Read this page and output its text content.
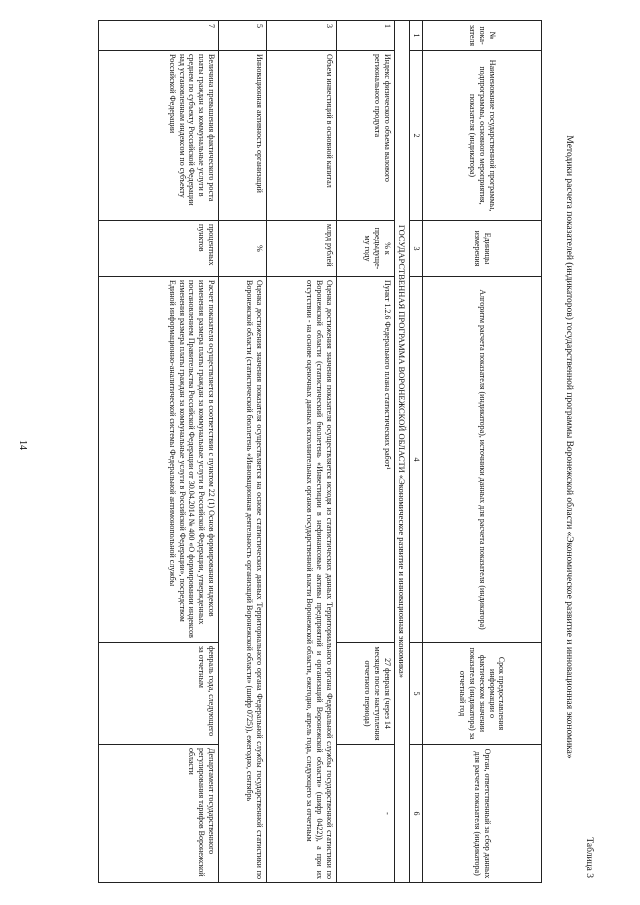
14
Таблица 3
Методики расчета показателей (индикаторов) государственной программы Воронежской области «Экономическое развитие и инновационная экономика»
№ пока-зателя	Наименование государственной программы, подпрограммы, основного мероприятия, показателя (индикатора)	Единицы измерения	Алгоритм расчета показателя (индикатора), источники данных для расчета показателя (индикатора)	Срок предоставления информации о фактическом значении показателя (индикатора) за отчетный год	Орган, ответственный за сбор данных для расчета показателя (индикатора)
1	2	3	4	5	6
ГОСУДАРСТВЕННАЯ ПРОГРАММА ВОРОНЕЖСКОЙ ОБЛАСТИ «Экономическое развитие и инновационная экономика»					
1	Индекс физического объема валового регионального продукта	% к предыдуще-му году	Пункт 1.2.6 Федерального плана статистических работ¹	27 февраля (через 14 месяцев после наступления отчетного периода)	-
3	Объем инвестиций в основной капитал	млрд рублей	Оценка достижения значения показателя осуществляется исходя из статистических данных Территориального органа Федеральной службы государственной статистики по Воронежской области (статистический бюллетень «Инвестиции в нефинансовые активы предприятий и организаций Воронежской области» (шифр 0422)), а при их отсутствии - на основе оценочных данных исполнительных органов государственной власти Воронежской области, ежегодно, апрель года, следующего за отчетным		
5	Инновационная активность организаций	%	Оценка достижения значения показателя осуществляется на основе статистических данных Территориального органа Федеральной службы государственной статистики по Воронежской области (статистический бюллетень «Инновационная деятельность организаций Воронежской области» (шифр 0725)), ежегодно, сентябрь		
7	Величина превышения фактического роста платы граждан за коммунальные услуги в среднем по субъекту Российской Федерации над установленным индексом по субъекту Российской Федерации	процентных пунктов	Расчет показателя осуществляется в соответствии с пунктом 22 (1) Основ формирования индексов изменения размера платы граждан за коммунальные услуги в Российской Федерации, утвержденных постановлением Правительства Российской Федерации от 30.04.2014 № 400 «О формировании индексов изменения размера платы граждан за коммунальные услуги в Российской Федерации», посредством Единой информационно-аналитической системы Федеральной антимонопольной службы	февраль года, следующего за отчетным	Департамент государственного регулирования тарифов Воронежской области
